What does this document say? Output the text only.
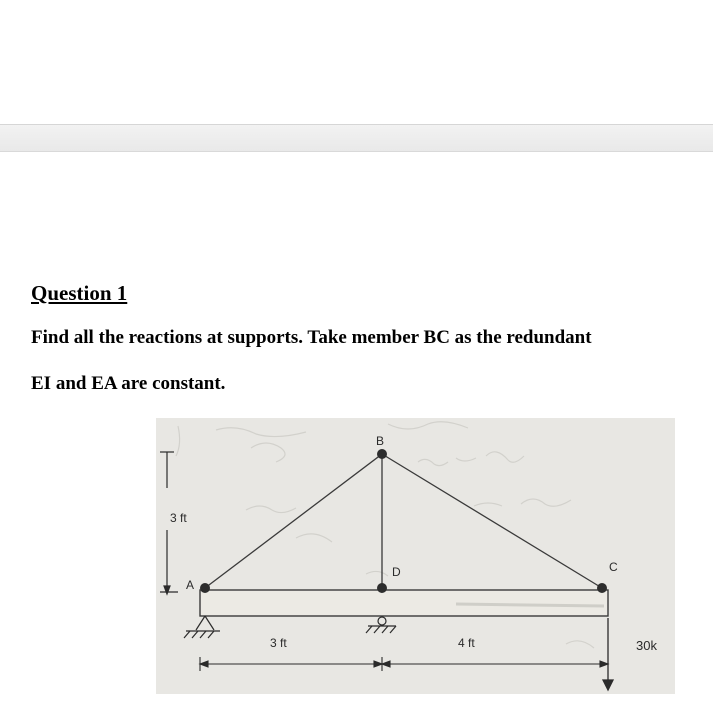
Question 1
Find all the reactions at supports. Take member BC as the redundant
EI and EA are constant.
3 ft
B
D
A
C
3 ft	4 ft	30k
